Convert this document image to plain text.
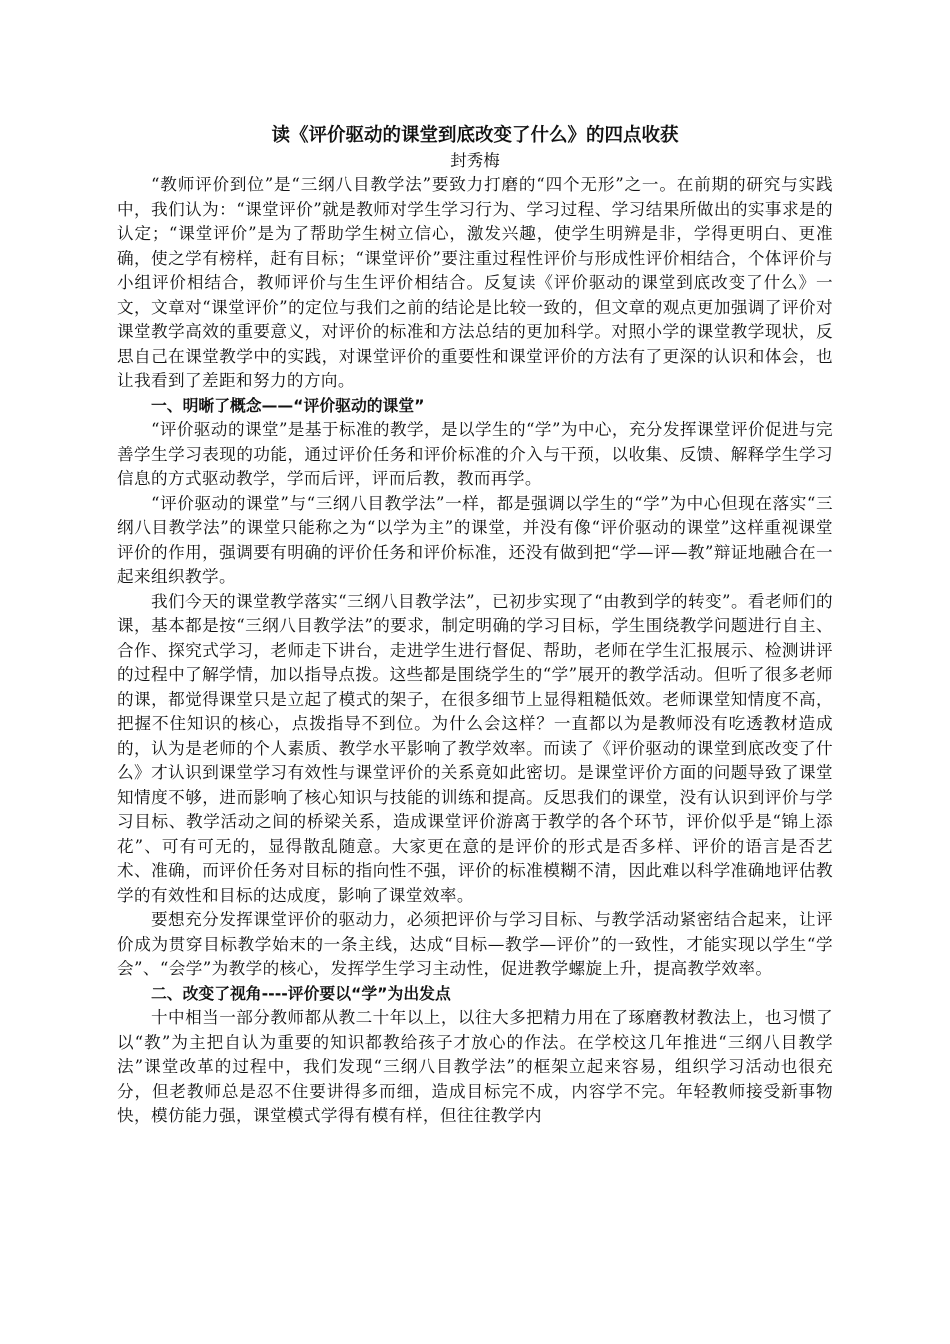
读《评价驱动的课堂到底改变了什么》的四点收获

封秀梅

“教师评价到位”是“三纲八目教学法”要致力打磨的“四个无形”之一。在前期的研究与实践中，我们认为：“课堂评价”就是教师对学生学习行为、学习过程、学习结果所做出的实事求是的认定；“课堂评价”是为了帮助学生树立信心，激发兴趣，使学生明辨是非，学得更明白、更准确，使之学有榜样，赶有目标；“课堂评价”要注重过程性评价与形成性评价相结合，个体评价与小组评价相结合，教师评价与生生评价相结合。反复读《评价驱动的课堂到底改变了什么》一文，文章对“课堂评价”的定位与我们之前的结论是比较一致的，但文章的观点更加强调了评价对课堂教学高效的重要意义，对评价的标准和方法总结的更加科学。对照小学的课堂教学现状，反思自己在课堂教学中的实践，对课堂评价的重要性和课堂评价的方法有了更深的认识和体会，也让我看到了差距和努力的方向。

一、明晰了概念——“评价驱动的课堂”

“评价驱动的课堂”是基于标准的教学，是以学生的“学”为中心，充分发挥课堂评价促进与完善学生学习表现的功能，通过评价任务和评价标准的介入与干预，以收集、反馈、解释学生学习信息的方式驱动教学，学而后评，评而后教，教而再学。

“评价驱动的课堂”与“三纲八目教学法”一样，都是强调以学生的“学”为中心但现在落实“三纲八目教学法”的课堂只能称之为“以学为主”的课堂，并没有像“评价驱动的课堂”这样重视课堂评价的作用，强调要有明确的评价任务和评价标准，还没有做到把“学—评—教”辩证地融合在一起来组织教学。

我们今天的课堂教学落实“三纲八目教学法”，已初步实现了“由教到学的转变”。看老师们的课，基本都是按“三纲八目教学法”的要求，制定明确的学习目标，学生围绕教学问题进行自主、合作、探究式学习，老师走下讲台，走进学生进行督促、帮助，老师在学生汇报展示、检测讲评的过程中了解学情，加以指导点拨。这些都是围绕学生的“学”展开的教学活动。但听了很多老师的课，都觉得课堂只是立起了模式的架子，在很多细节上显得粗糙低效。老师课堂知情度不高，把握不住知识的核心，点拨指导不到位。为什么会这样？一直都以为是教师没有吃透教材造成的，认为是老师的个人素质、教学水平影响了教学效率。而读了《评价驱动的课堂到底改变了什么》才认识到课堂学习有效性与课堂评价的关系竟如此密切。是课堂评价方面的问题导致了课堂知情度不够，进而影响了核心知识与技能的训练和提高。反思我们的课堂，没有认识到评价与学习目标、教学活动之间的桥梁关系，造成课堂评价游离于教学的各个环节，评价似乎是“锦上添花”、可有可无的，显得散乱随意。大家更在意的是评价的形式是否多样、评价的语言是否艺术、准确，而评价任务对目标的指向性不强，评价的标准模糊不清，因此难以科学准确地评估教学的有效性和目标的达成度，影响了课堂效率。

要想充分发挥课堂评价的驱动力，必须把评价与学习目标、与教学活动紧密结合起来，让评价成为贯穿目标教学始末的一条主线，达成“目标—教学—评价”的一致性，才能实现以学生“学会”、“会学”为教学的核心，发挥学生学习主动性，促进教学螺旋上升，提高教学效率。

二、改变了视角----评价要以“学”为出发点

十中相当一部分教师都从教二十年以上，以往大多把精力用在了琢磨教材教法上，也习惯了以“教”为主把自认为重要的知识都教给孩子才放心的作法。在学校这几年推进“三纲八目教学法”课堂改革的过程中，我们发现“三纲八目教学法”的框架立起来容易，组织学习活动也很充分，但老教师总是忍不住要讲得多而细，造成目标完不成，内容学不完。年轻教师接受新事物快，模仿能力强，课堂模式学得有模有样，但往往教学内
